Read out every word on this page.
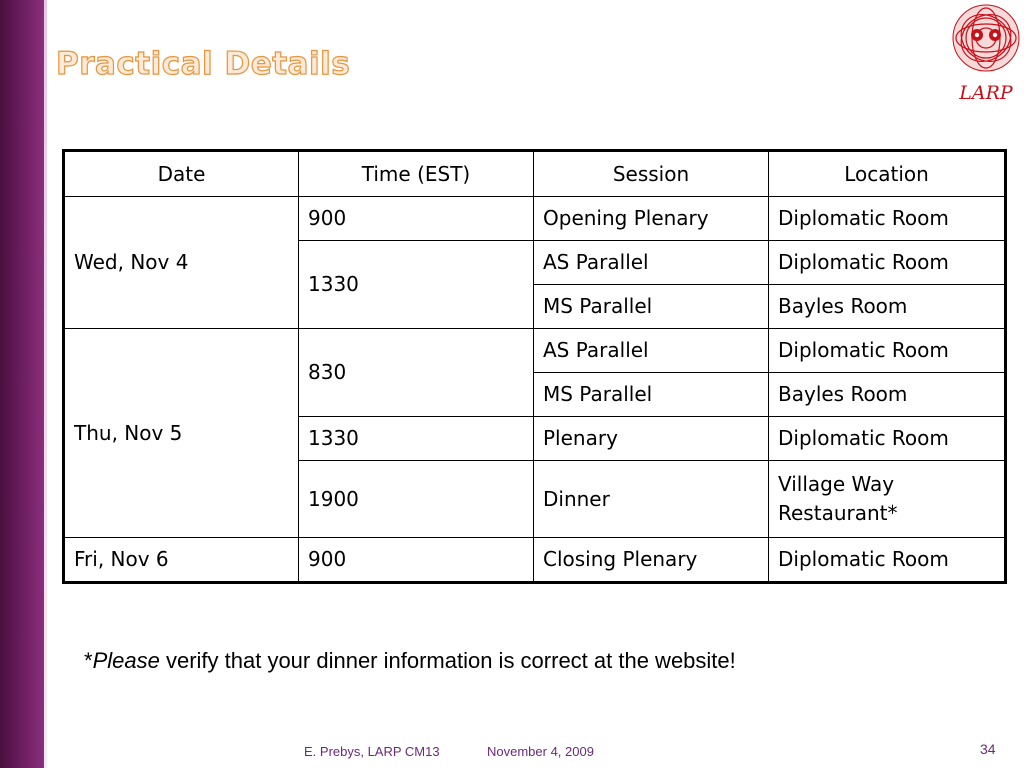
Practical Details
LARP
Date	Time (EST)	Session	Location
Wed, Nov 4	900	Opening Plenary	Diplomatic Room
	1330	AS Parallel	Diplomatic Room
		MS Parallel	Bayles Room
Thu, Nov 5	830	AS Parallel	Diplomatic Room
		MS Parallel	Bayles Room
	1330	Plenary	Diplomatic Room
	1900	Dinner	Village Way Restaurant*
Fri, Nov 6	900	Closing Plenary	Diplomatic Room
*Please verify that your dinner information is correct at the website!
E. Prebys, LARP CM13	November 4, 2009	34
